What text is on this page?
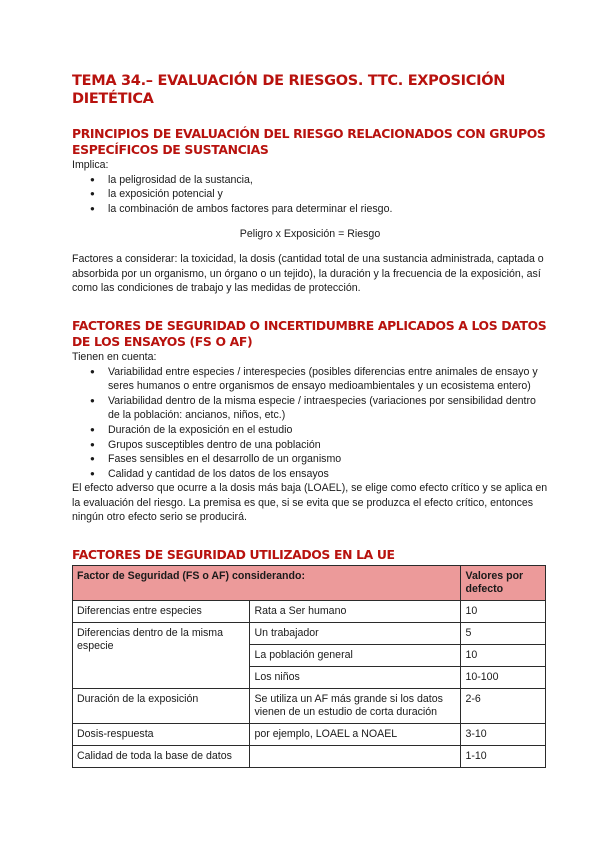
TEMA 34.– EVALUACIÓN DE RIESGOS. TTC. EXPOSICIÓN DIETÉTICA
PRINCIPIOS DE EVALUACIÓN DEL RIESGO RELACIONADOS CON GRUPOS ESPECÍFICOS DE SUSTANCIAS

Implica:

● la peligrosidad de la sustancia,
● la exposición potencial y
● la combinación de ambos factores para determinar el riesgo.

Peligro x Exposición = Riesgo

Factores a considerar: la toxicidad, la dosis (cantidad total de una sustancia administrada, captada o absorbida por un organismo, un órgano o un tejido), la duración y la frecuencia de la exposición, así como las condiciones de trabajo y las medidas de protección.

FACTORES DE SEGURIDAD O INCERTIDUMBRE APLICADOS A LOS DATOS DE LOS ENSAYOS (FS O AF)

Tienen en cuenta:

● Variabilidad entre especies / interespecies (posibles diferencias entre animales de ensayo y seres humanos o entre organismos de ensayo medioambientales y un ecosistema entero)
● Variabilidad dentro de la misma especie / intraespecies (variaciones por sensibilidad dentro de la población: ancianos, niños, etc.)
● Duración de la exposición en el estudio
● Grupos susceptibles dentro de una población
● Fases sensibles en el desarrollo de un organismo
● Calidad y cantidad de los datos de los ensayos

El efecto adverso que ocurre a la dosis más baja (LOAEL), se elige como efecto crítico y se aplica en la evaluación del riesgo. La premisa es que, si se evita que se produzca el efecto crítico, entonces ningún otro efecto serio se producirá.

FACTORES DE SEGURIDAD UTILIZADOS EN LA UE
Factor de Seguridad (FS o AF) considerando:		Valores por defecto
Diferencias entre especies	Rata a Ser humano	10
Diferencias dentro de la misma especie	Un trabajador	5
	La población general	10
	Los niños	10-100
Duración de la exposición	Se utiliza un AF más grande si los datos vienen de un estudio de corta duración	2-6
Dosis-respuesta	por ejemplo, LOAEL a NOAEL	3-10
Calidad de toda la base de datos		1-10
